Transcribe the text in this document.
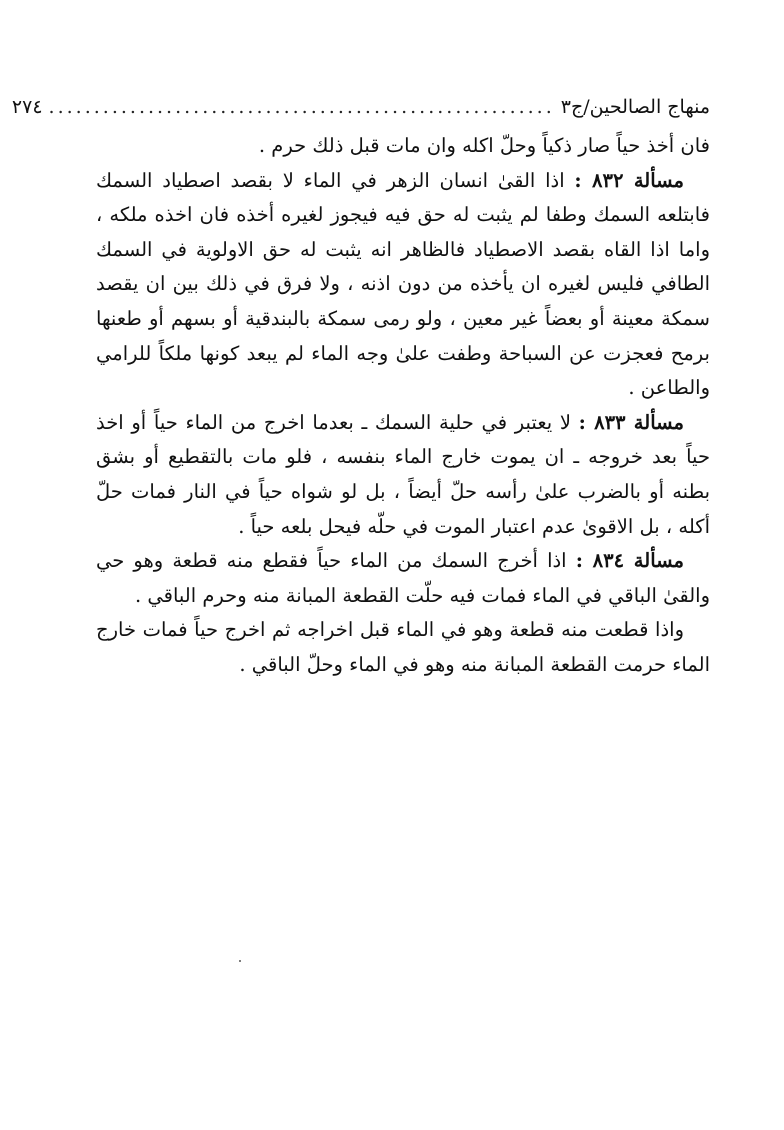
منهاج الصالحين/ج٣
........................................................
٢٧٤

فان أخذ حياً صار ذكياً وحلّ اكله وان مات قبل ذلك حرم .

مسألة ٨٣٢ : اذا القىٰ انسان الزهر في الماء لا بقصد اصطياد السمك فابتلعه السمك وطفا لم يثبت له حق فيه فيجوز لغيره أخذه فان اخذه ملكه ، واما اذا القاه بقصد الاصطياد فالظاهر انه يثبت له حق الاولوية في السمك الطافي فليس لغيره ان يأخذه من دون اذنه ، ولا فرق في ذلك بين ان يقصد سمكة معينة أو بعضاً غير معين ، ولو رمى سمكة بالبندقية أو بسهم أو طعنها برمح فعجزت عن السباحة وطفت علىٰ وجه الماء لم يبعد كونها ملكاً للرامي والطاعن .

مسألة ٨٣٣ : لا يعتبر في حلية السمك ـ بعدما اخرج من الماء حياً أو اخذ حياً بعد خروجه ـ ان يموت خارج الماء بنفسه ، فلو مات بالتقطيع أو بشق بطنه أو بالضرب علىٰ رأسه حلّ أيضاً ، بل لو شواه حياً في النار فمات حلّ أكله ، بل الاقوىٰ عدم اعتبار الموت في حلّه فيحل بلعه حياً .

مسألة ٨٣٤ : اذا أخرج السمك من الماء حياً فقطع منه قطعة وهو حي والقىٰ الباقي في الماء فمات فيه حلّت القطعة المبانة منه وحرم الباقي .

واذا قطعت منه قطعة وهو في الماء قبل اخراجه ثم اخرج حياً فمات خارج الماء حرمت القطعة المبانة منه وهو في الماء وحلّ الباقي .
